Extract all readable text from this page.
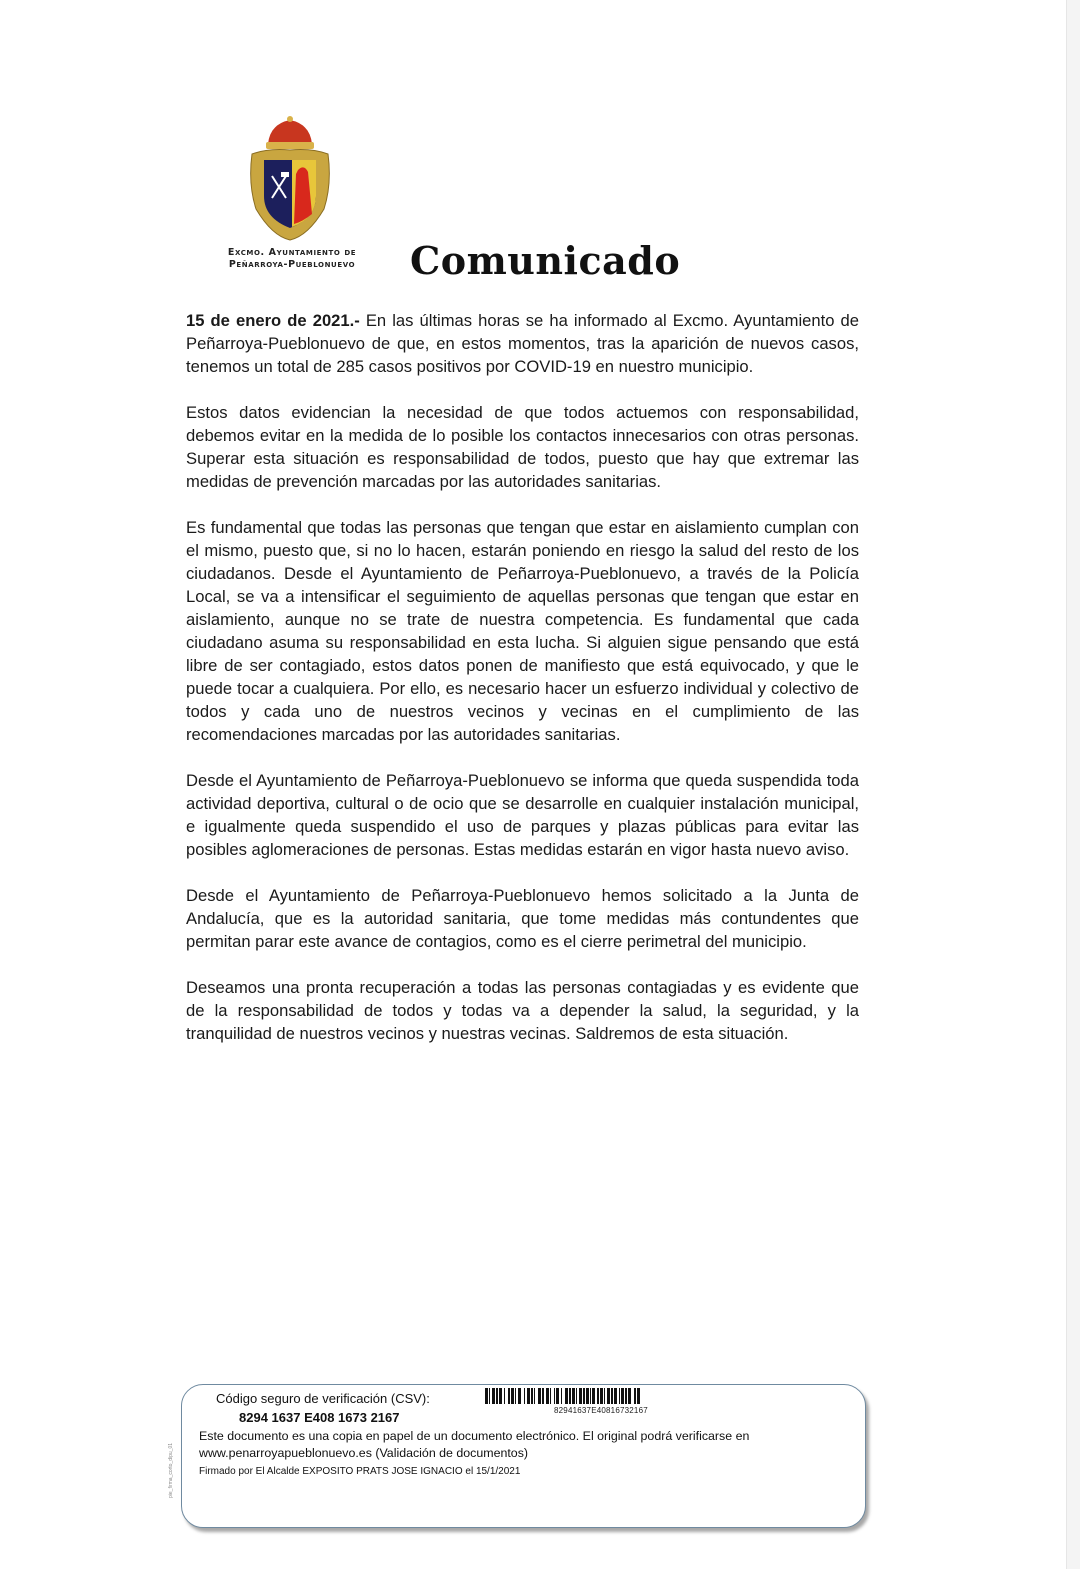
Excmo. Ayuntamiento de
Peñarroya-Pueblonuevo	Comunicado

15 de enero de 2021.- En las últimas horas se ha informado al Excmo. Ayuntamiento de Peñarroya-Pueblonuevo de que, en estos momentos, tras la aparición de nuevos casos, tenemos un total de 285 casos positivos por COVID-19 en nuestro municipio.

Estos datos evidencian la necesidad de que todos actuemos con responsabilidad, debemos evitar en la medida de lo posible los contactos innecesarios con otras personas. Superar esta situación es responsabilidad de todos, puesto que hay que extremar las medidas de prevención marcadas por las autoridades sanitarias.

Es fundamental que todas las personas que tengan que estar en aislamiento cumplan con el mismo, puesto que, si no lo hacen, estarán poniendo en riesgo la salud del resto de los ciudadanos. Desde el Ayuntamiento de Peñarroya-Pueblonuevo, a través de la Policía Local, se va a intensificar el seguimiento de aquellas personas que tengan que estar en aislamiento, aunque no se trate de nuestra competencia. Es fundamental que cada ciudadano asuma su responsabilidad en esta lucha. Si alguien sigue pensando que está libre de ser contagiado, estos datos ponen de manifiesto que está equivocado, y que le puede tocar a cualquiera. Por ello, es necesario hacer un esfuerzo individual y colectivo de todos y cada uno de nuestros vecinos y vecinas en el cumplimiento de las recomendaciones marcadas por las autoridades sanitarias.

Desde el Ayuntamiento de Peñarroya-Pueblonuevo se informa que queda suspendida toda actividad deportiva, cultural o de ocio que se desarrolle en cualquier instalación municipal, e igualmente queda suspendido el uso de parques y plazas públicas para evitar las posibles aglomeraciones de personas. Estas medidas estarán en vigor hasta nuevo aviso.

Desde el Ayuntamiento de Peñarroya-Pueblonuevo hemos solicitado a la Junta de Andalucía, que es la autoridad sanitaria, que tome medidas más contundentes que permitan parar este avance de contagios, como es el cierre perimetral del municipio.

Deseamos una pronta recuperación a todas las personas contagiadas y es evidente que de la responsabilidad de todos y todas va a depender la salud, la seguridad, y la tranquilidad de nuestros vecinos y nuestras vecinas. Saldremos de esta situación.

pie_firma_corto_dipu_01
Código seguro de verificación (CSV):
8294 1637 E408 1673 2167	82941637E40816732167
Este documento es una copia en papel de un documento electrónico. El original podrá verificarse en www.penarroyapueblonuevo.es (Validación de documentos)
Firmado por El Alcalde EXPOSITO PRATS JOSE IGNACIO el 15/1/2021
